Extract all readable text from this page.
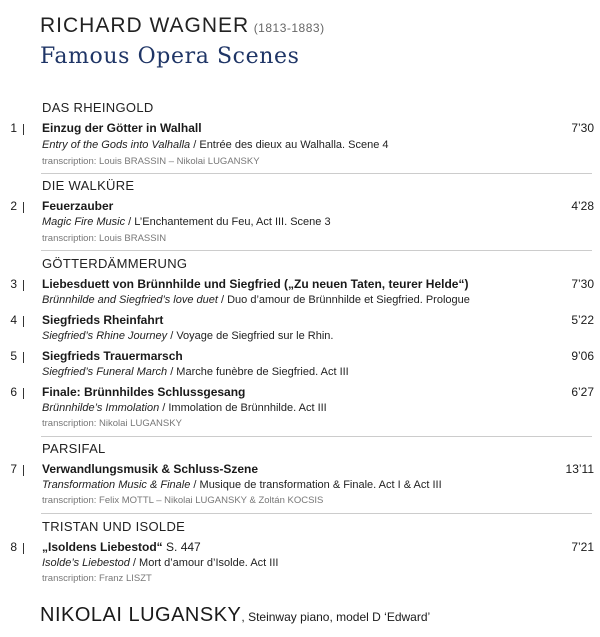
RICHARD WAGNER (1813-1883)
Famous Opera Scenes
DAS RHEINGOLD
1 Einzug der Götter in Walhall	7’30
Entry of the Gods into Valhalla / Entrée des dieux au Walhalla. Scene 4
transcription: Louis BRASSIN – Nikolai LUGANSKY
DIE WALKÜRE
2 Feuerzauber	4’28
Magic Fire Music / L’Enchantement du Feu, Act III. Scene 3
transcription: Louis BRASSIN
GÖTTERDÄMMERUNG
3 Liebesduett von Brünnhilde und Siegfried („Zu neuen Taten, teurer Helde“)	7’30
Brünnhilde and Siegfried’s love duet / Duo d’amour de Brünnhilde et Siegfried. Prologue
4 Siegfrieds Rheinfahrt	5’22
Siegfried’s Rhine Journey / Voyage de Siegfried sur le Rhin.
5 Siegfrieds Trauermarsch	9’06
Siegfried’s Funeral March / Marche funèbre de Siegfried. Act III
6 Finale: Brünnhildes Schlussgesang	6’27
Brünnhilde’s Immolation / Immolation de Brünnhilde. Act III
transcription: Nikolai LUGANSKY
PARSIFAL
7 Verwandlungsmusik & Schluss-Szene	13’11
Transformation Music & Finale / Musique de transformation & Finale. Act I & Act III
transcription: Felix MOTTL – Nikolai LUGANSKY & Zoltán KOCSIS
TRISTAN UND ISOLDE
8 „Isoldens Liebestod“ S. 447	7’21
Isolde’s Liebestod / Mort d’amour d’Isolde. Act III
transcription: Franz LISZT
NIKOLAI LUGANSKY, Steinway piano, model D ‘Edward’
